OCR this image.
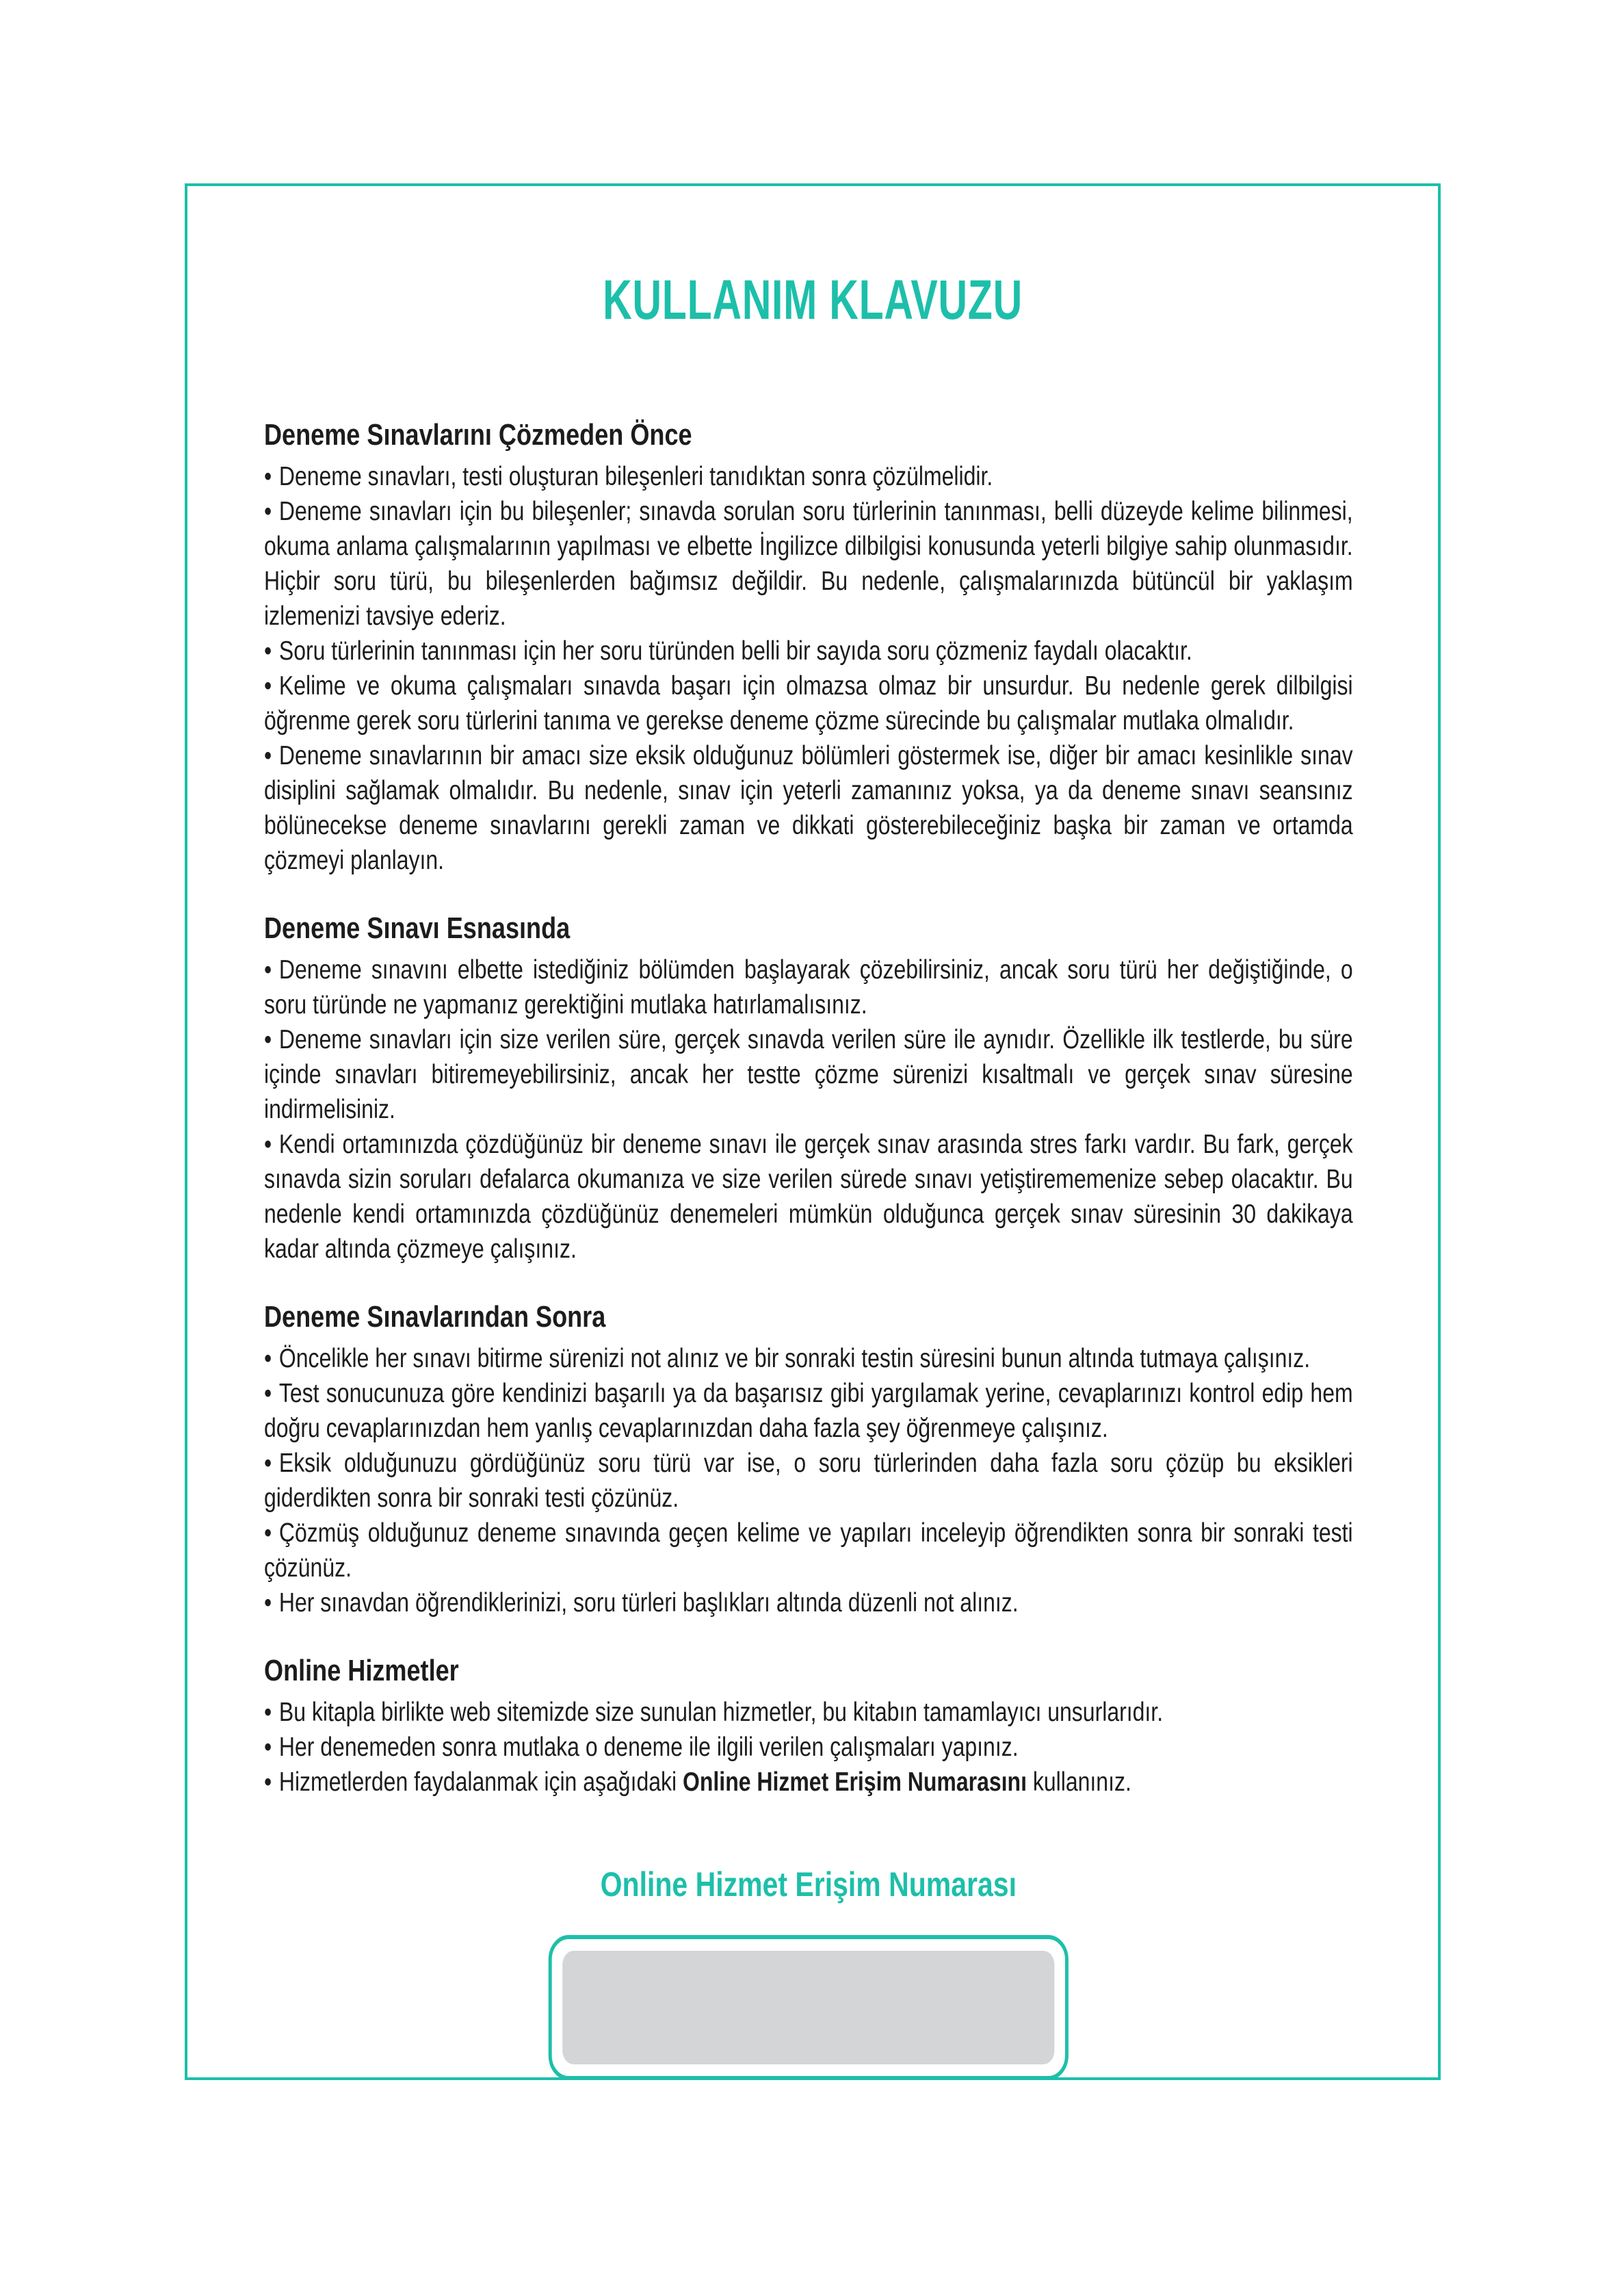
KULLANIM KLAVUZU
Deneme Sınavlarını Çözmeden Önce

• Deneme sınavları, testi oluşturan bileşenleri tanıdıktan sonra çözülmelidir.

• Deneme sınavları için bu bileşenler; sınavda sorulan soru türlerinin tanınması, belli düzeyde kelime bilinmesi, okuma anlama çalışmalarının yapılması ve elbette İngilizce dilbilgisi konusunda yeterli bilgiye sahip olunmasıdır. Hiçbir soru türü, bu bileşenlerden bağımsız değildir. Bu nedenle, çalışmalarınızda bütüncül bir yaklaşım izlemenizi tavsiye ederiz.

• Soru türlerinin tanınması için her soru türünden belli bir sayıda soru çözmeniz faydalı olacaktır.

• Kelime ve okuma çalışmaları sınavda başarı için olmazsa olmaz bir unsurdur. Bu nedenle gerek dilbilgisi öğrenme gerek soru türlerini tanıma ve gerekse deneme çözme sürecinde bu çalışmalar mutlaka olmalıdır.

• Deneme sınavlarının bir amacı size eksik olduğunuz bölümleri göstermek ise, diğer bir amacı kesinlikle sınav disiplini sağlamak olmalıdır. Bu nedenle, sınav için yeterli zamanınız yoksa, ya da deneme sınavı seansınız bölünecekse deneme sınavlarını gerekli zaman ve dikkati gösterebileceğiniz başka bir zaman ve ortamda çözmeyi planlayın.

Deneme Sınavı Esnasında

• Deneme sınavını elbette istediğiniz bölümden başlayarak çözebilirsiniz, ancak soru türü her değiştiğinde, o soru türünde ne yapmanız gerektiğini mutlaka hatırlamalısınız.

• Deneme sınavları için size verilen süre, gerçek sınavda verilen süre ile aynıdır. Özellikle ilk testlerde, bu süre içinde sınavları bitiremeyebilirsiniz, ancak her testte çözme sürenizi kısaltmalı ve gerçek sınav süresine indirmelisiniz.

• Kendi ortamınızda çözdüğünüz bir deneme sınavı ile gerçek sınav arasında stres farkı vardır. Bu fark, gerçek sınavda sizin soruları defalarca okumanıza ve size verilen sürede sınavı yetiştirememenize sebep olacaktır. Bu nedenle kendi ortamınızda çözdüğünüz denemeleri mümkün olduğunca gerçek sınav süresinin 30 dakikaya kadar altında çözmeye çalışınız.

Deneme Sınavlarından Sonra

• Öncelikle her sınavı bitirme sürenizi not alınız ve bir sonraki testin süresini bunun altında tutmaya çalışınız.

• Test sonucunuza göre kendinizi başarılı ya da başarısız gibi yargılamak yerine, cevaplarınızı kontrol edip hem doğru cevaplarınızdan hem yanlış cevaplarınızdan daha fazla şey öğrenmeye çalışınız.

• Eksik olduğunuzu gördüğünüz soru türü var ise, o soru türlerinden daha fazla soru çözüp bu eksikleri giderdikten sonra bir sonraki testi çözünüz.

• Çözmüş olduğunuz deneme sınavında geçen kelime ve yapıları inceleyip öğrendikten sonra bir sonraki testi çözünüz.

• Her sınavdan öğrendiklerinizi, soru türleri başlıkları altında düzenli not alınız.

Online Hizmetler

• Bu kitapla birlikte web sitemizde size sunulan hizmetler, bu kitabın tamamlayıcı unsurlarıdır.

• Her denemeden sonra mutlaka o deneme ile ilgili verilen çalışmaları yapınız.

• Hizmetlerden faydalanmak için aşağıdaki Online Hizmet Erişim Numarasını kullanınız.

Online Hizmet Erişim Numarası
